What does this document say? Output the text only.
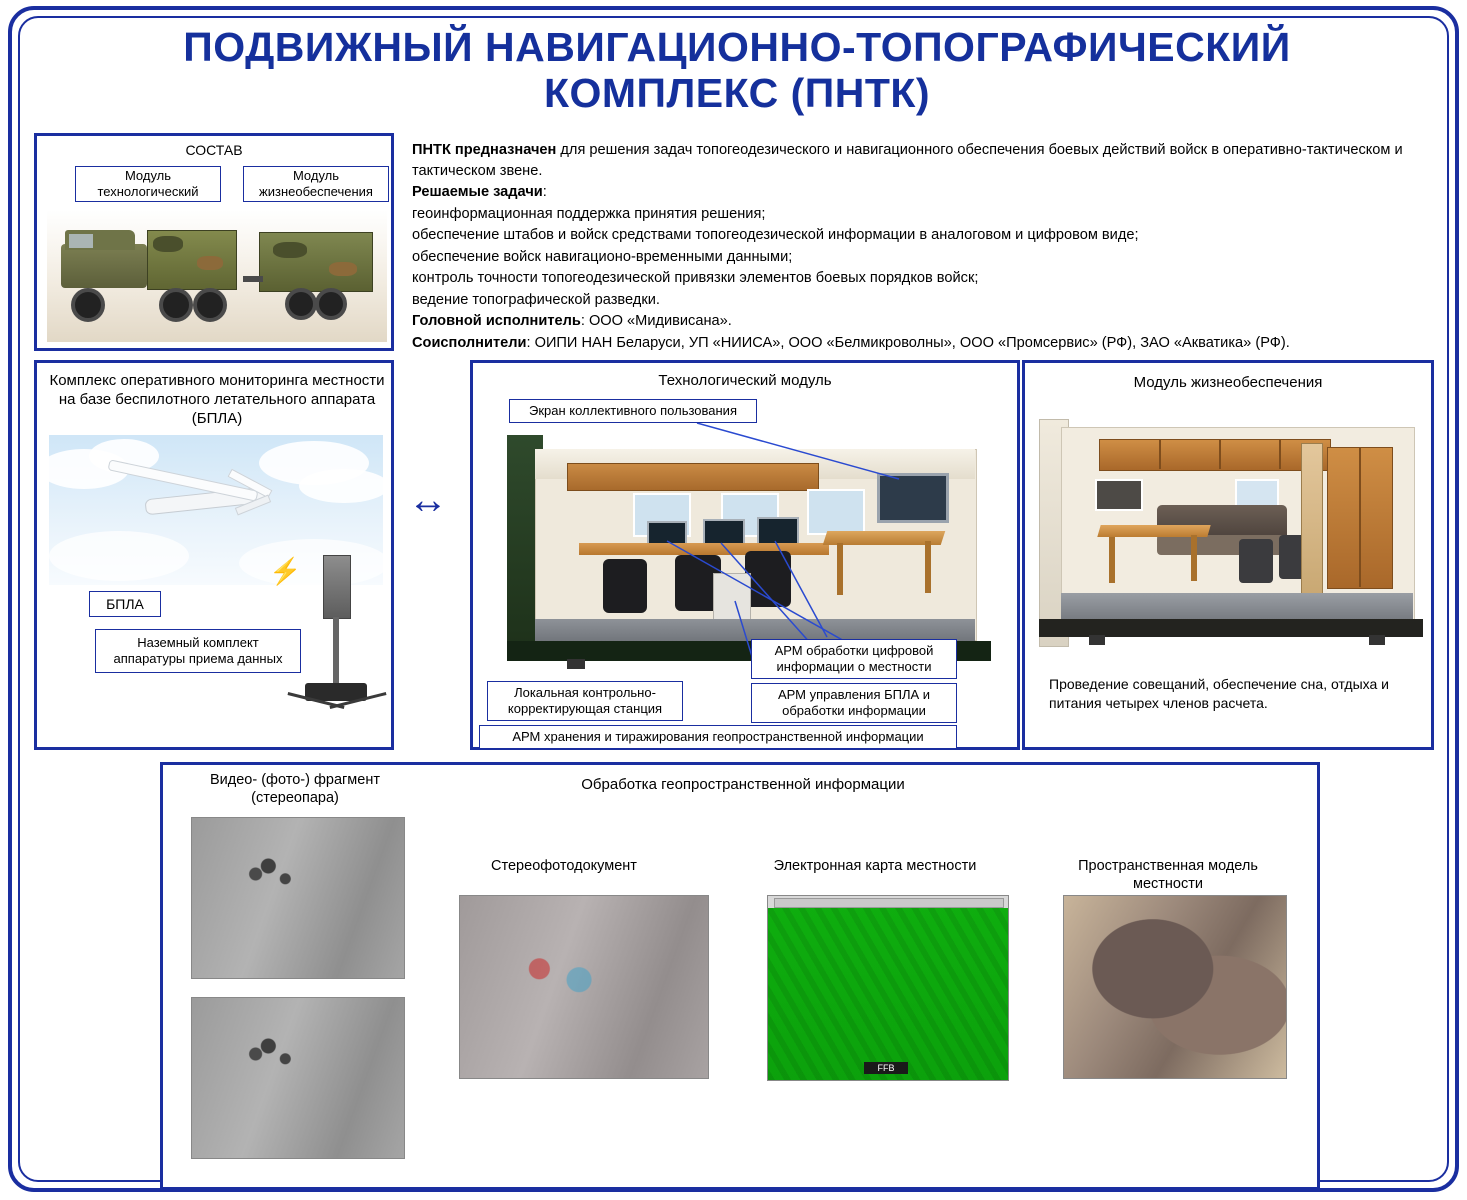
ПОДВИЖНЫЙ НАВИГАЦИОННО-ТОПОГРАФИЧЕСКИЙ КОМПЛЕКС (ПНТК)
СОСТАВ
Модуль технологический
Модуль жизнеобеспечения

ПНТК предназначен для решения задач топогеодезического и навигационного обеспечения боевых действий войск в оперативно-тактическом и тактическом звене.

Решаемые задачи:

геоинформационная поддержка принятия решения;

обеспечение штабов и войск средствами топогеодезической информации в аналоговом и цифровом виде;

обеспечение войск навигационо-временными данными;

контроль точности топогеодезической привязки элементов боевых порядков войск;

ведение топографической разведки.

Головной исполнитель: ООО «Мидивисана».

Соисполнители: ОИПИ НАН Беларуси, УП «НИИСА», ООО «Белмикроволны», ООО «Промсервис» (РФ), ЗАО «Акватика» (РФ).

Комплекс оперативного мониторинга местности на базе беспилотного летательного аппарата (БПЛА)
БПЛА
⚡
Наземный комплект аппаратуры приема данных
↔
Технологический модуль
Экран коллективного пользования
АРМ обработки цифровой информации о местности
АРМ управления БПЛА и обработки информации
Локальная контрольно-корректирующая станция
АРМ хранения и тиражирования геопространственной информации
Модуль жизнеобеспечения
Проведение совещаний, обеспечение сна, отдыха и питания четырех членов расчета.
Обработка геопространственной информации
Видео- (фото-) фрагмент (стереопара)
Стереофотодокумент	Электронная карта местности
FFB
Пространственная модель местности
